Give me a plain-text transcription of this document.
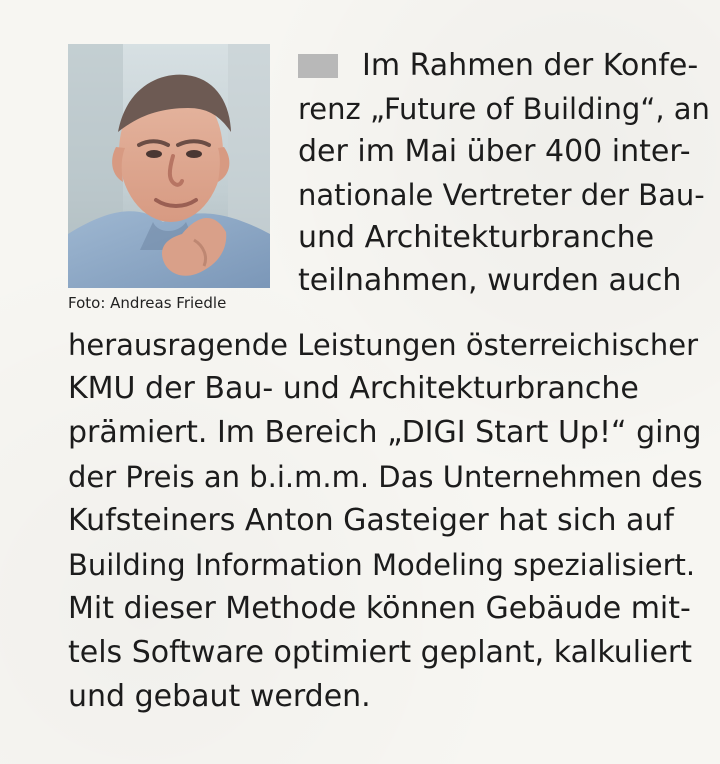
Foto: Andreas Friedle
Im Rahmen der Konfe-
renz „Future of Building“, an
der im Mai über 400 inter-
nationale Vertreter der Bau-
und Architekturbranche
teilnahmen, wurden auch
herausragende Leistungen österreichischer
KMU der Bau- und Architekturbranche
prämiert. Im Bereich „DIGI Start Up!“ ging
der Preis an b.i.m.m. Das Unternehmen des
Kufsteiners Anton Gasteiger hat sich auf
Building Information Modeling spezialisiert.
Mit dieser Methode können Gebäude mit-
tels Software optimiert geplant, kalkuliert
und gebaut werden.
